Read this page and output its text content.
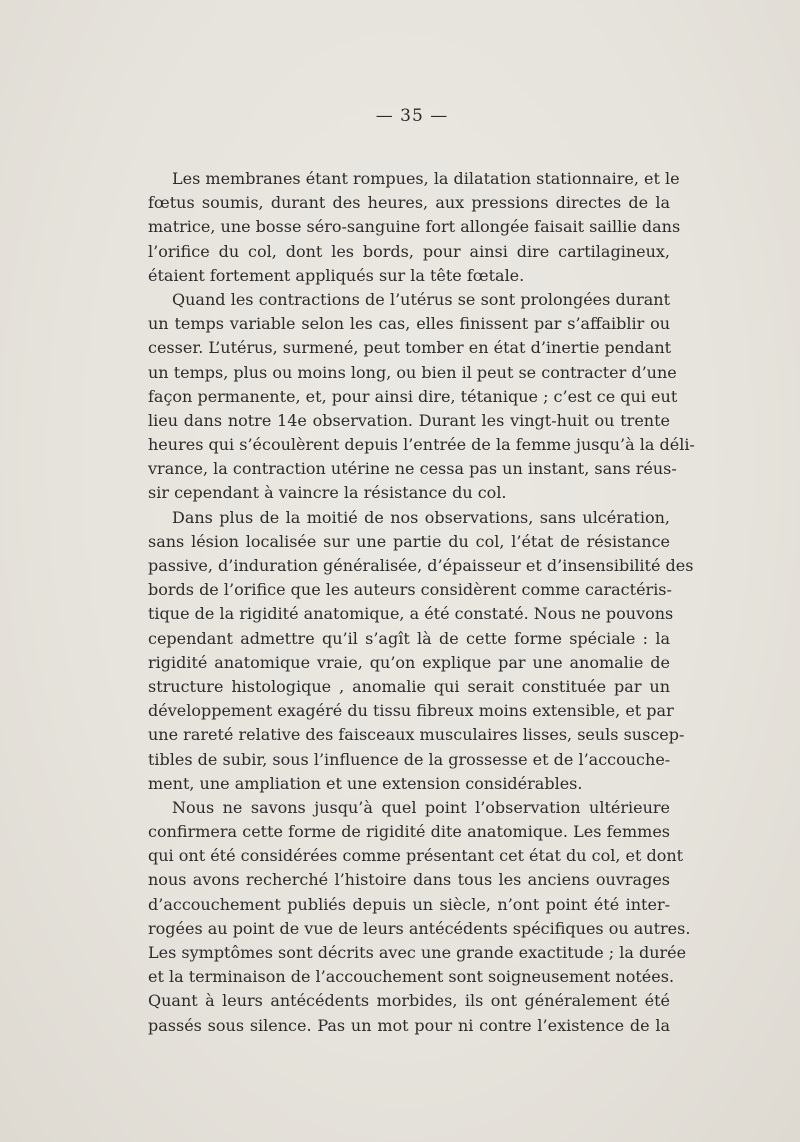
— 35 —
Les membranes étant rompues, la dilatation stationnaire, et le
fœtus soumis, durant des heures, aux pressions directes de la
matrice, une bosse séro-sanguine fort allongée faisait saillie dans
l’orifice du col, dont les bords, pour ainsi dire cartilagineux,
étaient fortement appliqués sur la tête fœtale.
Quand les contractions de l’utérus se sont prolongées durant
un temps variable selon les cas, elles finissent par s’affaiblir ou
cesser. L’utérus, surmené, peut tomber en état d’inertie pendant
un temps, plus ou moins long, ou bien il peut se contracter d’une
façon permanente, et, pour ainsi dire, tétanique ; c’est ce qui eut
lieu dans notre 14e observation. Durant les vingt-huit ou trente
heures qui s’écoulèrent depuis l’entrée de la femme jusqu’à la déli-
vrance, la contraction utérine ne cessa pas un instant, sans réus-
sir cependant à vaincre la résistance du col.
Dans plus de la moitié de nos observations, sans ulcération,
sans lésion localisée sur une partie du col, l’état de résistance
passive, d’induration généralisée, d’épaisseur et d’insensibilité des
bords de l’orifice que les auteurs considèrent comme caractéris-
tique de la rigidité anatomique, a été constaté. Nous ne pouvons
cependant admettre qu’il s’agît là de cette forme spéciale : la
rigidité anatomique vraie, qu’on explique par une anomalie de
structure histologique , anomalie qui serait constituée par un
développement exagéré du tissu fibreux moins extensible, et par
une rareté relative des faisceaux musculaires lisses, seuls suscep-
tibles de subir, sous l’influence de la grossesse et de l’accouche-
ment, une ampliation et une extension considérables.
Nous ne savons jusqu’à quel point l’observation ultérieure
confirmera cette forme de rigidité dite anatomique. Les femmes
qui ont été considérées comme présentant cet état du col, et dont
nous avons recherché l’histoire dans tous les anciens ouvrages
d’accouchement publiés depuis un siècle, n’ont point été inter-
rogées au point de vue de leurs antécédents spécifiques ou autres.
Les symptômes sont décrits avec une grande exactitude ; la durée
et la terminaison de l’accouchement sont soigneusement notées.
Quant à leurs antécédents morbides, ils ont généralement été
passés sous silence. Pas un mot pour ni contre l’existence de la
